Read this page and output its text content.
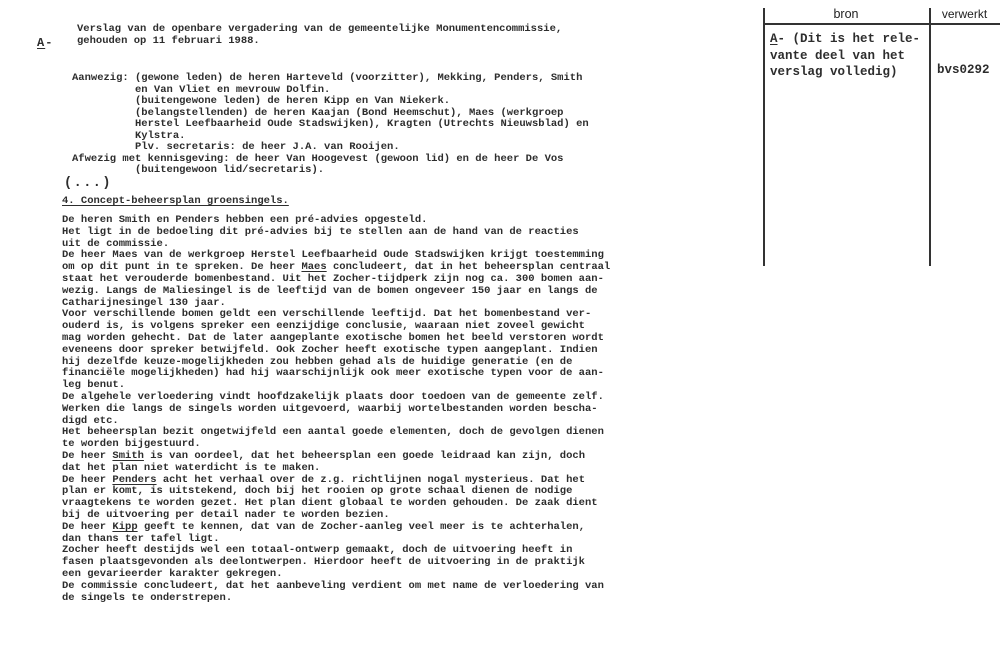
A-
Verslag van de openbare vergadering van de gemeentelijke Monumentencommissie,
gehouden op 11 februari 1988.
Aanwezig: (gewone leden) de heren Harteveld (voorzitter), Mekking, Penders, Smith
en Van Vliet en mevrouw Dolfin.
(buitengewone leden) de heren Kipp en Van Niekerk.
(belangstellenden) de heren Kaajan (Bond Heemschut), Maes (werkgroep
Herstel Leefbaarheid Oude Stadswijken), Kragten (Utrechts Nieuwsblad) en
Kylstra.
Plv. secretaris: de heer J.A. van Rooijen.
Afwezig met kennisgeving: de heer Van Hoogevest (gewoon lid) en de heer De Vos
(buitengewoon lid/secretaris).
(...)
4. Concept-beheersplan groensingels.
De heren Smith en Penders hebben een pré-advies opgesteld.
Het ligt in de bedoeling dit pré-advies bij te stellen aan de hand van de reacties
uit de commissie.
De heer Maes van de werkgroep Herstel Leefbaarheid Oude Stadswijken krijgt toestemming
om op dit punt in te spreken. De heer Maes concludeert, dat in het beheersplan centraal
staat het verouderde bomenbestand. Uit het Zocher-tijdperk zijn nog ca. 300 bomen aan-
wezig. Langs de Maliesingel is de leeftijd van de bomen ongeveer 150 jaar en langs de
Catharijnesingel 130 jaar.
Voor verschillende bomen geldt een verschillende leeftijd. Dat het bomenbestand ver-
ouderd is, is volgens spreker een eenzijdige conclusie, waaraan niet zoveel gewicht
mag worden gehecht. Dat de later aangeplante exotische bomen het beeld verstoren wordt
eveneens door spreker betwijfeld. Ook Zocher heeft exotische typen aangeplant. Indien
hij dezelfde keuze-mogelijkheden zou hebben gehad als de huidige generatie (en de
financiële mogelijkheden) had hij waarschijnlijk ook meer exotische typen voor de aan-
leg benut.
De algehele verloedering vindt hoofdzakelijk plaats door toedoen van de gemeente zelf.
Werken die langs de singels worden uitgevoerd, waarbij wortelbestanden worden bescha-
digd etc.
Het beheersplan bezit ongetwijfeld een aantal goede elementen, doch de gevolgen dienen
te worden bijgestuurd.
De heer Smith is van oordeel, dat het beheersplan een goede leidraad kan zijn, doch
dat het plan niet waterdicht is te maken.
De heer Penders acht het verhaal over de z.g. richtlijnen nogal mysterieus. Dat het
plan er komt, is uitstekend, doch bij het rooien op grote schaal dienen de nodige
vraagtekens te worden gezet. Het plan dient globaal te worden gehouden. De zaak dient
bij de uitvoering per detail nader te worden bezien.
De heer Kipp geeft te kennen, dat van de Zocher-aanleg veel meer is te achterhalen,
dan thans ter tafel ligt.
Zocher heeft destijds wel een totaal-ontwerp gemaakt, doch de uitvoering heeft in
fasen plaatsgevonden als deelontwerpen. Hierdoor heeft de uitvoering in de praktijk
een gevarieerder karakter gekregen.
De commissie concludeert, dat het aanbeveling verdient om met name de verloedering van
de singels te onderstrepen.
bron	verwerkt
A- (Dit is het rele-
vante deel van het
verslag volledig)	bvs0292
